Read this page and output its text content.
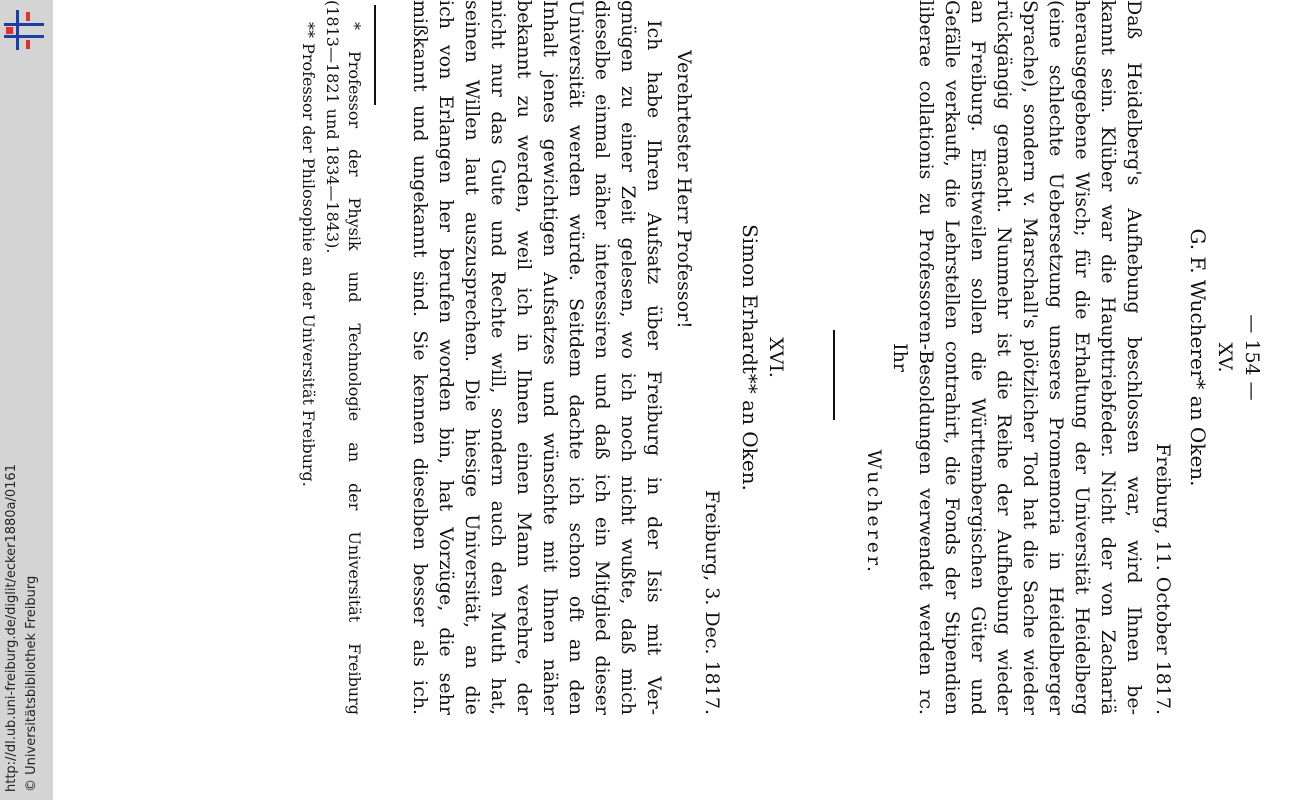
http://dl.ub.uni-freiburg.de/diglit/ecker1880a/0161 © Universitätsbibliothek Freiburg
— 154 —
XV.
G. F. Wucherer* an Oken.
Freiburg, 11. October 1817.
Daß Heidelberg's Aufhebung beschlossen war, wird Ihnen be-
kannt sein. Klüber war die Haupttriebfeder. Nicht der von Zachariä
herausgegebene Wisch; für die Erhaltung der Universität Heidelberg
(eine schlechte Uebersetzung unseres Promemoria in Heidelberger
Sprache), sondern v. Marschall's plötzlicher Tod hat die Sache wieder
rückgängig gemacht. Nunmehr ist die Reihe der Aufhebung wieder
an Freiburg. Einstweilen sollen die Württembergischen Güter und
Gefälle verkauft, die Lehrstellen contrahirt, die Fonds der Stipendien
liberae collationis zu Professoren-Besoldungen verwendet werden rc.
Ihr
Wucherer.
XVI.
Simon Erhardt** an Oken.
Freiburg, 3. Dec. 1817.
Verehrtester Herr Professor!
Ich habe Ihren Aufsatz über Freiburg in der Isis mit Ver-
gnügen zu einer Zeit gelesen, wo ich noch nicht wußte, daß mich
dieselbe einmal näher interessiren und daß ich ein Mitglied dieser
Universität werden würde. Seitdem dachte ich schon oft an den
Inhalt jenes gewichtigen Aufsatzes und wünschte mit Ihnen näher
bekannt zu werden, weil ich in Ihnen einen Mann verehre, der
nicht nur das Gute und Rechte will, sondern auch den Muth hat,
seinen Willen laut auszusprechen. Die hiesige Universität, an die
ich von Erlangen her berufen worden bin, hat Vorzüge, die sehr
mißkannt und ungekannt sind. Sie kennen dieselben besser als ich.
* Professor der Physik und Technologie an der Universität Freiburg
(1813—1821 und 1834—1843).
** Professor der Philosophie an der Universität Freiburg.
